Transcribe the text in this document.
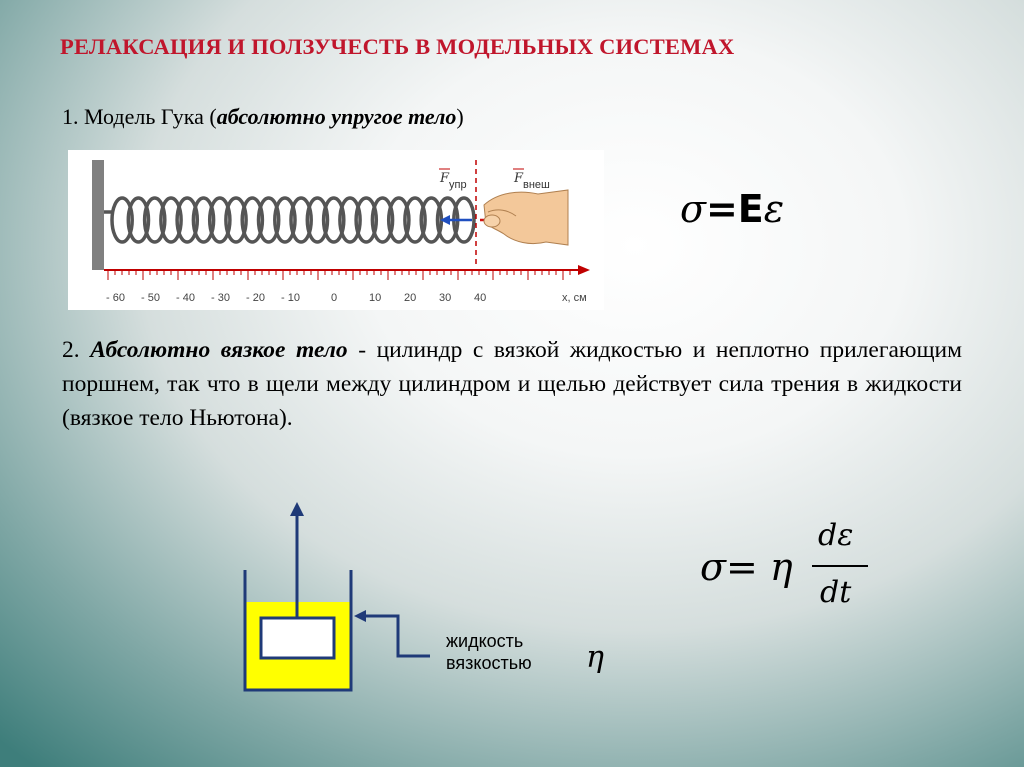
РЕЛАКСАЦИЯ И ПОЛЗУЧЕСТЬ В МОДЕЛЬНЫХ СИСТЕМАХ
1. Модель Гука (абсолютно упругое тело)
F упр	F внеш
- 60 - 50 - 40 - 30 - 20 - 10	0	10 20 30 40	x, см
σ=Eε
2. Абсолютно вязкое тело - цилиндр с вязкой жидкостью и неплотно прилегающим поршнем, так что в щели между цилиндром и щелью действует сила трения в жидкости (вязкое тело Ньютона).
жидкость
вязкостью η
σ= η
dε
dt
